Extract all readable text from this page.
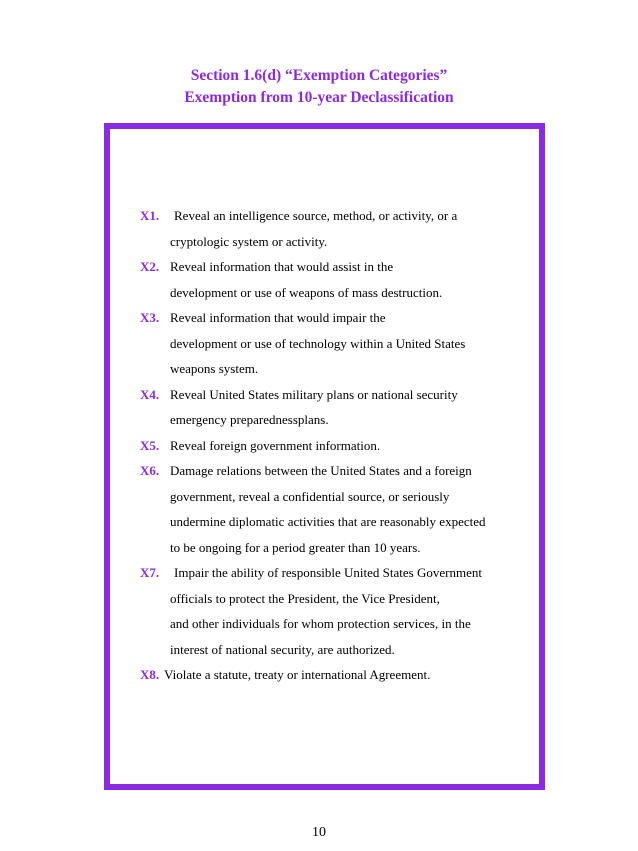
Section 1.6(d) “Exemption Categories”
Exemption from 10-year Declassification
X1.	Reveal an intelligence source, method, or activity, or a
cryptologic system or activity.
X2. Reveal information that would assist in the
development or use of weapons of mass destruction.
X3. Reveal information that would impair the
development or use of technology within a United States
weapons system.
X4. Reveal United States military plans or national security
emergency preparednessplans.
X5. Reveal foreign government information.
X6. Damage relations between the United States and a foreign
government, reveal a confidential source, or seriously
undermine diplomatic activities that are reasonably expected
to be ongoing for a period greater than 10 years.
X7.	Impair the ability of responsible United States Government
officials to protect the President, the Vice President,
and other individuals for whom protection services, in the
interest of national security, are authorized.
X8. Violate a statute, treaty or international Agreement.
10
